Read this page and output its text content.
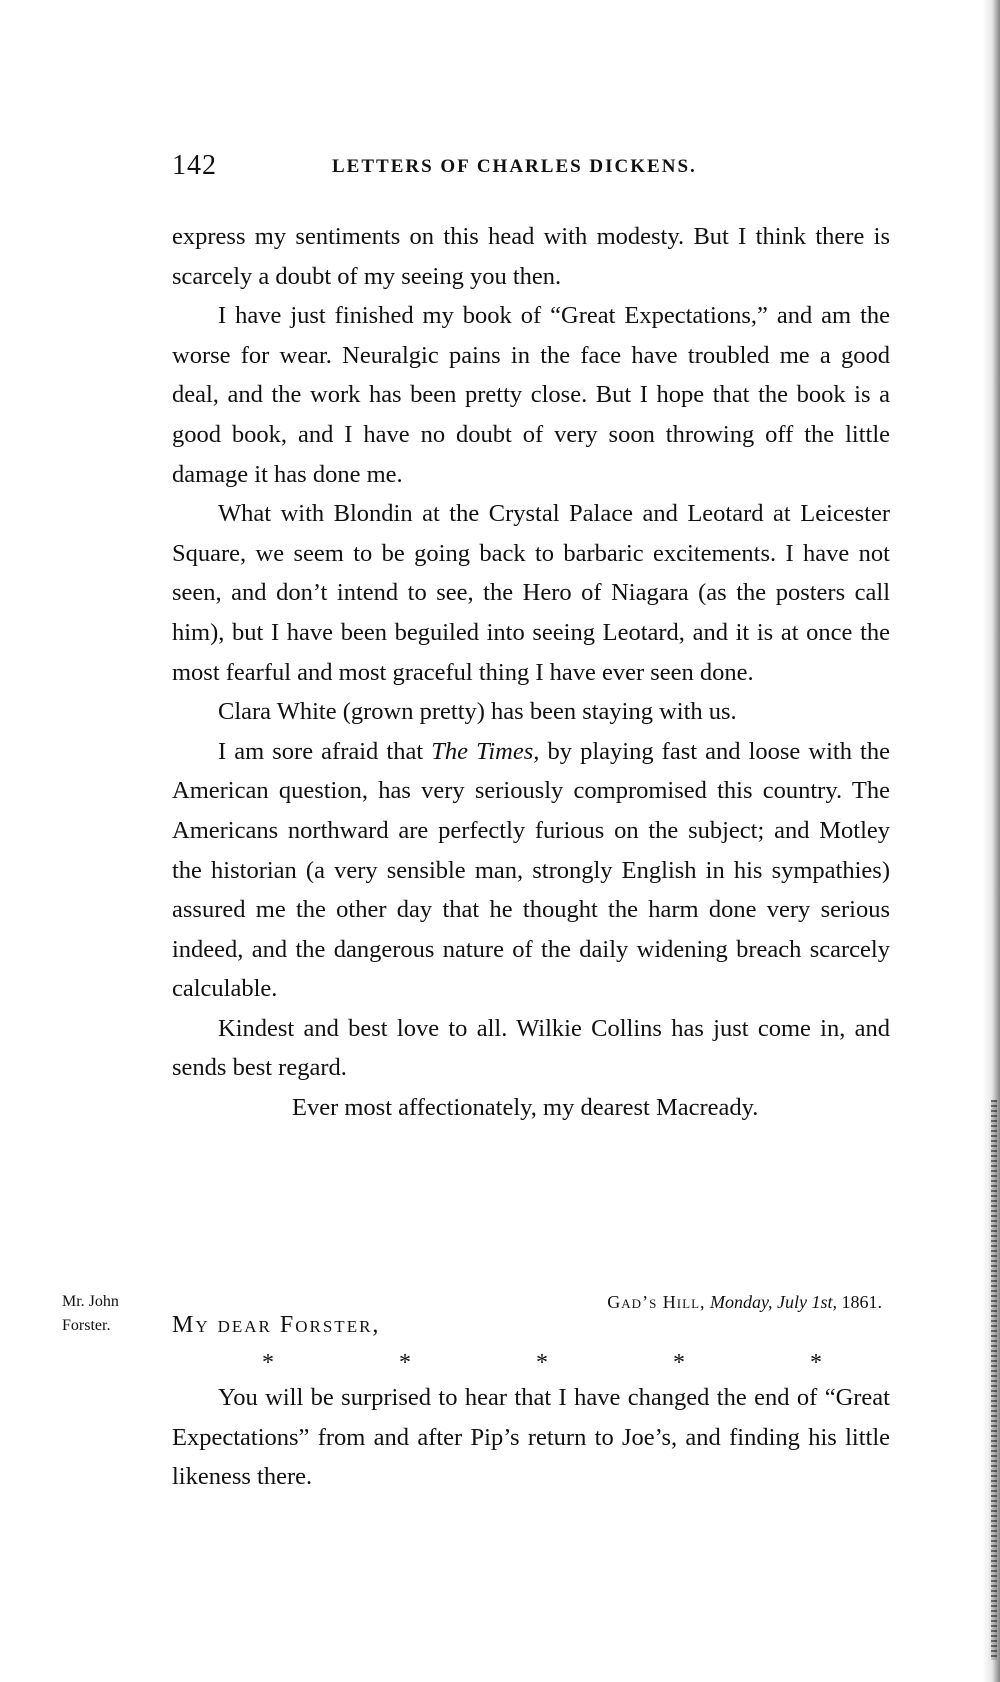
142	LETTERS OF CHARLES DICKENS.

express my sentiments on this head with modesty. But I think there is scarcely a doubt of my seeing you then.

I have just finished my book of “Great Expectations,” and am the worse for wear. Neuralgic pains in the face have troubled me a good deal, and the work has been pretty close. But I hope that the book is a good book, and I have no doubt of very soon throwing off the little damage it has done me.

What with Blondin at the Crystal Palace and Leotard at Leicester Square, we seem to be going back to barbaric excitements. I have not seen, and don’t intend to see, the Hero of Niagara (as the posters call him), but I have been beguiled into seeing Leotard, and it is at once the most fearful and most graceful thing I have ever seen done.

Clara White (grown pretty) has been staying with us.

I am sore afraid that The Times, by playing fast and loose with the American question, has very seriously compromised this country. The Americans northward are perfectly furious on the subject; and Motley the historian (a very sensible man, strongly English in his sympathies) assured me the other day that he thought the harm done very serious indeed, and the dangerous nature of the daily widening breach scarcely calculable.

Kindest and best love to all. Wilkie Collins has just come in, and sends best regard.

Ever most affectionately, my dearest Macready.

Mr. John
Forster.
Gad’s Hill, Monday, July 1st, 1861.
My dear Forster,
*	*	*	*	*

You will be surprised to hear that I have changed the end of “Great Expectations” from and after Pip’s return to Joe’s, and finding his little likeness there.
